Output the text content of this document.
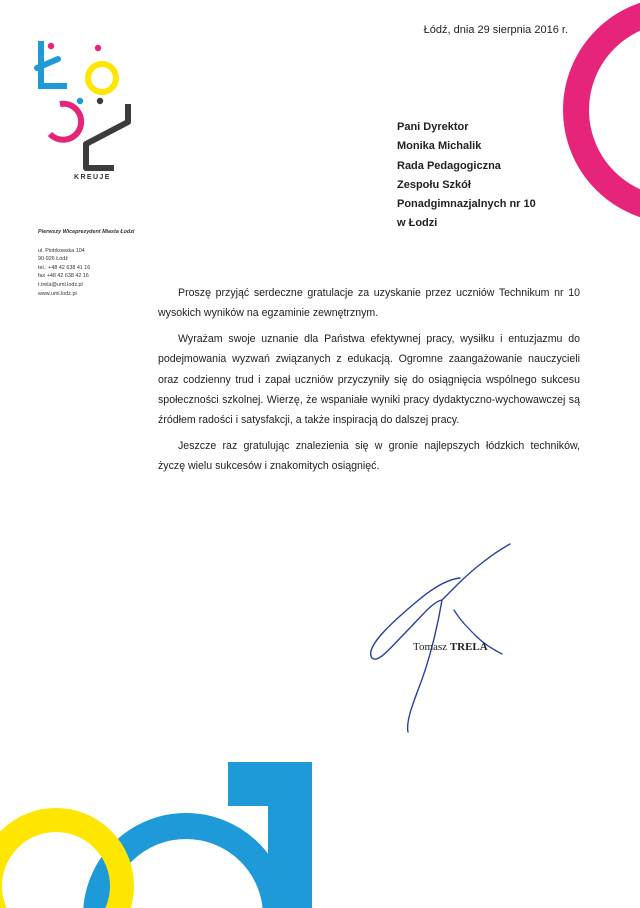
Łódź, dnia 29 sierpnia 2016 r.
KREUJE
Pani Dyrektor
Monika Michalik
Rada Pedagogiczna
Zespołu Szkół
Ponadgimnazjalnych nr 10
w Łodzi
Pierwszy Wiceprezydent Miasta Łodzi
ul. Piotrkowska 104
90-926 Łódź
tel.: +48 42 638 41 16
fax +48 42 638 42 16
t.trela@uml.lodz.pl
www.uml.lodz.pl	Proszę przyjąć serdeczne gratulacje za uzyskanie przez uczniów Technikum nr 10 wysokich wyników na egzaminie zewnętrznym.

Wyrażam swoje uznanie dla Państwa efektywnej pracy, wysiłku i entuzjazmu do podejmowania wyzwań związanych z edukacją. Ogromne zaangażowanie nauczycieli oraz codzienny trud i zapał uczniów przyczyniły się do osiągnięcia wspólnego sukcesu społeczności szkolnej. Wierzę, że wspaniałe wyniki pracy dydaktyczno-wychowawczej są źródłem radości i satysfakcji, a także inspiracją do dalszej pracy.

Jeszcze raz gratulując znalezienia się w gronie najlepszych łódzkich techników, życzę wielu sukcesów i znakomitych osiągnięć.

Tomasz TRELA
